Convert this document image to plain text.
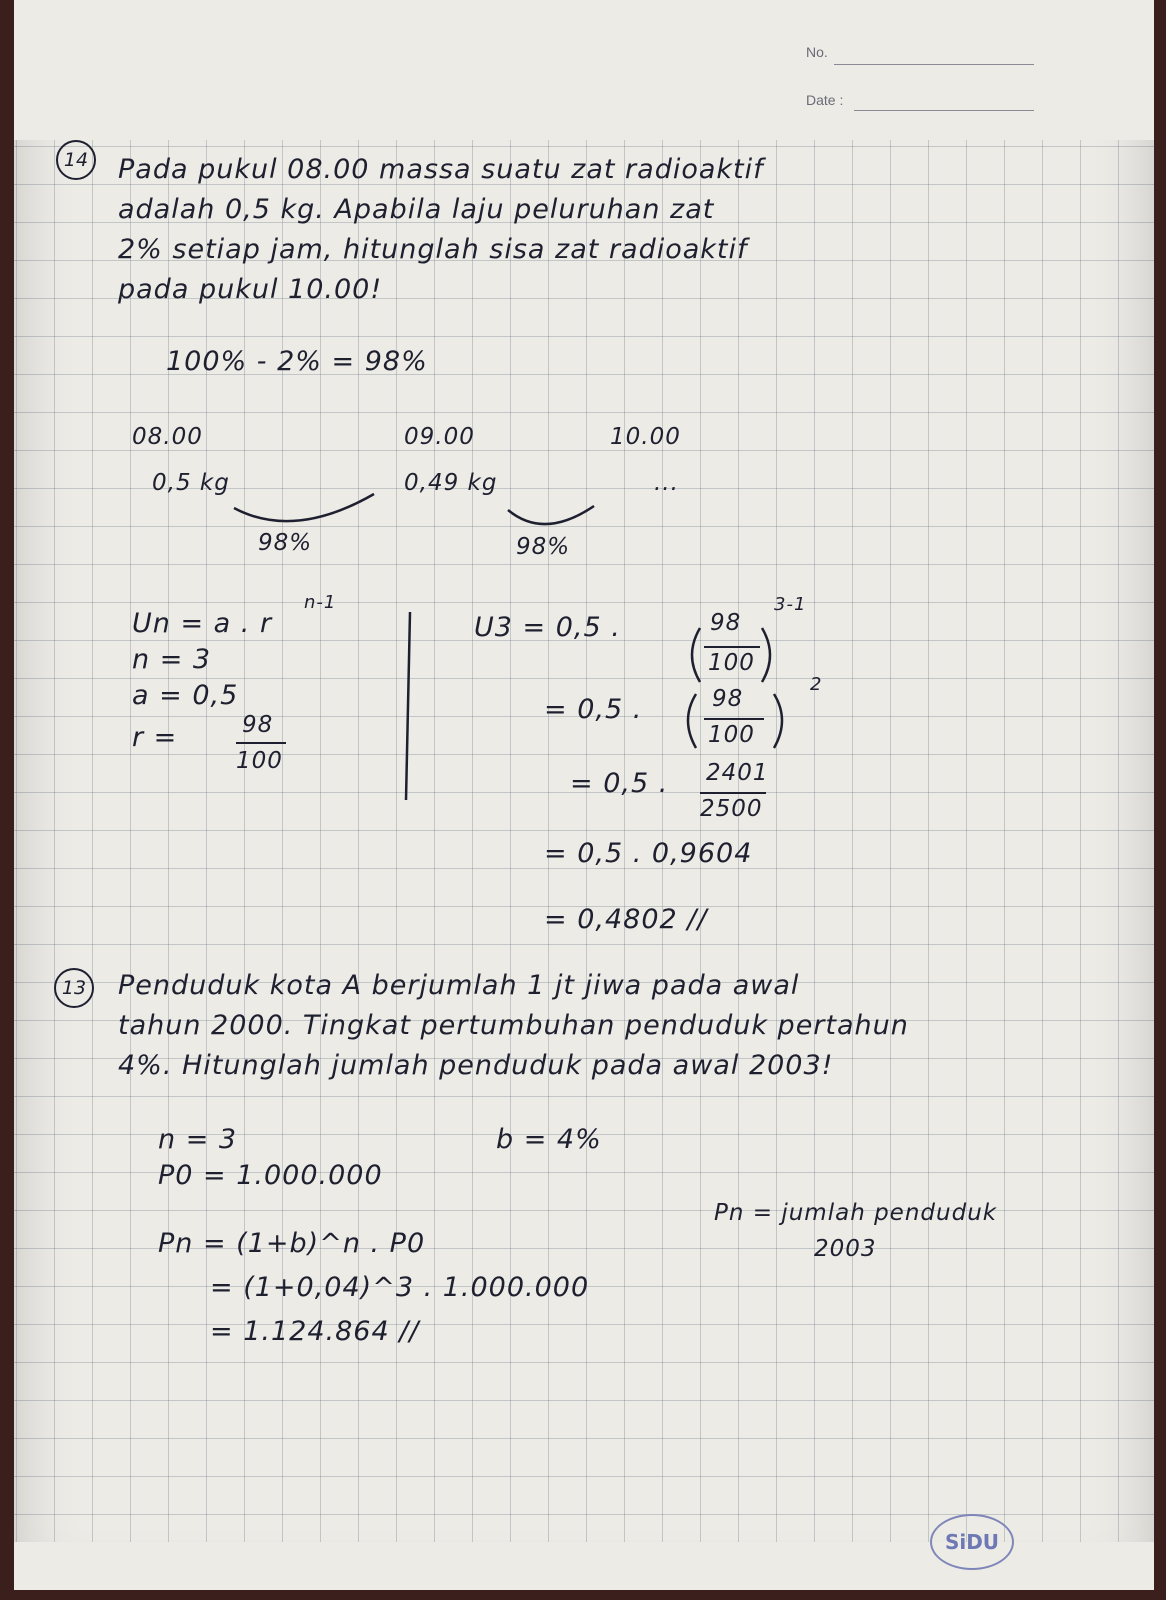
No.
Date :
14 Pada pukul 08.00 massa suatu zat radioaktif
adalah 0,5 kg. Apabila laju peluruhan zat
2% setiap jam, hitunglah sisa zat radioaktif
pada pukul 10.00!
100% - 2% = 98%
08.00	09.00	10.00
0,5 kg	0,49 kg	...
98%	98%
Un = a . r
n-1
n = 3
a = 0,5
r =	98
100
U3 = 0,5 .	98
100
3-1
= 0,5 .	98
100
2
= 0,5 . 2401
2500
= 0,5 . 0,9604
= 0,4802 //
13 Penduduk kota A berjumlah 1 jt jiwa pada awal
tahun 2000. Tingkat pertumbuhan penduduk pertahun
4%. Hitunglah jumlah penduduk pada awal 2003!
n = 3	b = 4%
P0 = 1.000.000
Pn = jumlah penduduk
2003
Pn = (1+b)^n . P0
= (1+0,04)^3 . 1.000.000
= 1.124.864 //
SiDU
